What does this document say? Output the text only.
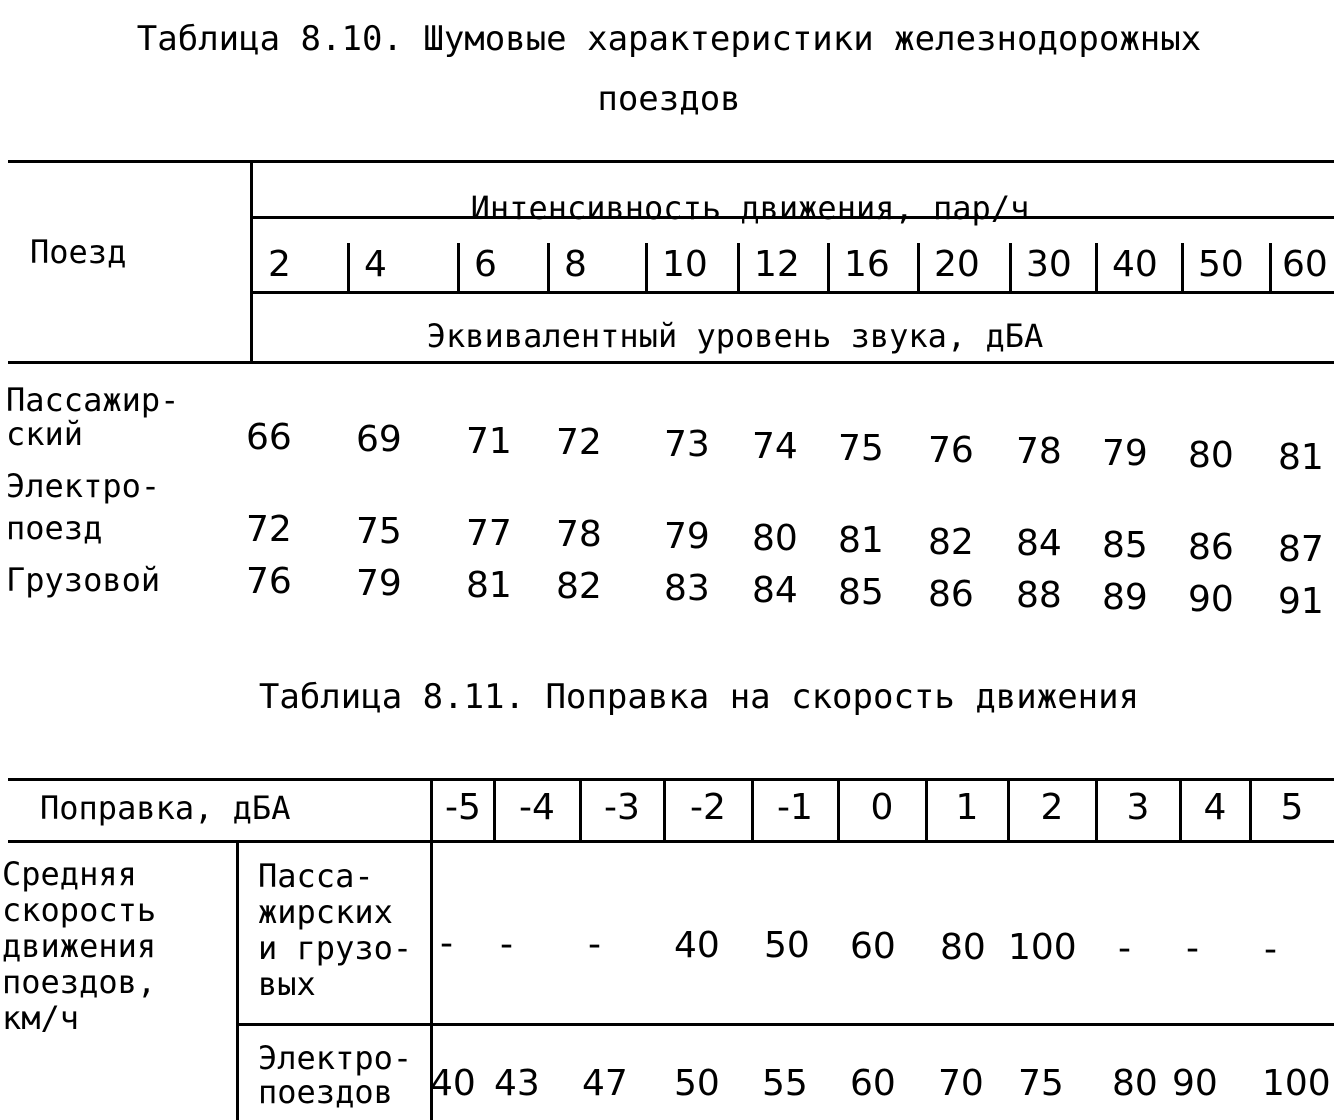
Таблица 8.10. Шумовые характеристики железнодорожных
поездов
Поезд
Интенсивность движения, пар/ч
Эквивалентный уровень звука, дБА
2 4 6 8 10 12 16 20 30 40 50 60
Пассажир-
ский	66 69 71 72 73 74 75 76 78 79 80 81
Электро-
поезд	72 75 77 78 79 80 81 82 84 85 86 87
Грузовой 76 79 81 82 83 84 85 86 88 89 90 91
Таблица 8.11. Поправка на скорость движения
Поправка, дБА
Средняя
скорость
движения
поездов,
км/ч
-5 -4 -3 -2 -1 0 1 2 3 4 5
Пасса-
жирских
и грузо-
вых
Электро-
поездов
- - - 40 50 60 80 100 - - -
40 43 47 50 55 60 70 75 80 90 100
